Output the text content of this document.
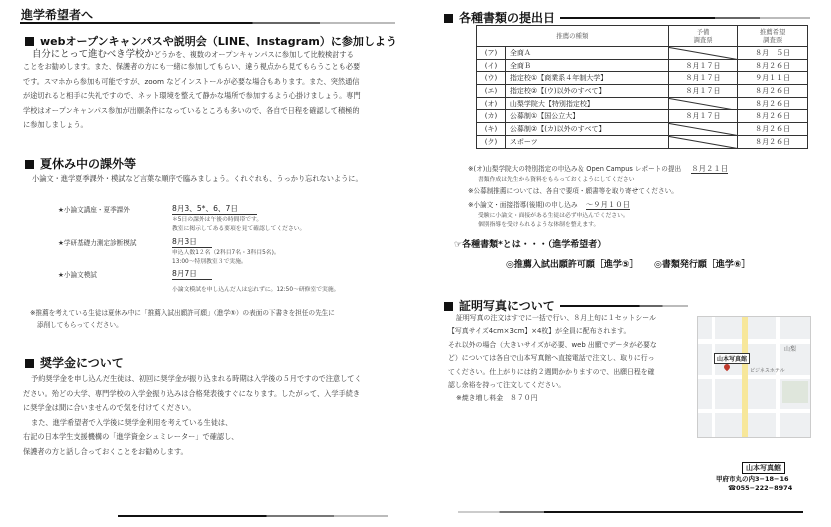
進学希望者へ
webオープンキャンパスや説明会（LINE、Instagram）に参加しよう
自分にとって進むべき学校かどうかを、複数のオープンキャンパスに参加して比較検討する
ことをお勧めします。また、保護者の方にも一緒に参加してもらい、違う視点から見てもらうことも必要
です。スマホから参加も可能ですが、zoom などインストールが必要な場合もあります。また、突然通信
が途切れると相手に失礼ですので、ネット環境を整えて静かな場所で参加するよう心掛けましょう。専門
学校はオープンキャンパス参加が出願条件になっているところも多いので、各自で日程を確認して積極的
に参加しましょう。
夏休み中の課外等
小論文・進学夏季課外・模試など言葉な順序で臨みましょう。くれぐれも、うっかり忘れないように。
★小論文講座・夏季課外	8月3、5*、6、7日
＊5日の課外は午後の時間帯です。
教室に掲示してある要項を見て確認してください。
★学研基礎力測定診断模試	8月3日
申込人数1２名（2科目7名・3科目5名)。
13:00〜特別教室３で実施。
★小論文模試	8月7日
小論文模試を申し込んだ人は忘れずに。12:50〜研修室で実施。
※推薦を考えている生徒は夏休み中に「推薦入試出願許可願」（進学⑤）の表面の下書きを担任の先生に
添削してもらってください。
奨学金について
予約奨学金を申し込んだ生徒は、初回に奨学金が振り込まれる時期は入学後の５月ですので注意してく
ださい。殆どの大学、専門学校の入学金振り込みは合格発表後すぐになります。したがって、入学手続き
に奨学金は間に合いませんので気を付けてください。
また、進学希望者で入学後に奨学金利用を考えている生徒は、
右記の日本学生支援機構の「進学資金シュミレーター」で確認し、
保護者の方と話し合っておくことをお勧めします。
各種書類の提出日
推薦の種類		予備
調査票	推薦希望
調査票
(ア)	全商Ａ		８月　５日
(イ)	全商Ｂ	８月１７日	８月２６日
(ウ)	指定校①【商業系４年制大学】	８月１７日	９月１１日
(エ)	指定校②【(ウ)以外のすべて】	８月１７日	８月２６日
(オ)	山梨学院大【特別指定校】		８月２６日
(カ)	公募制①【国公立大】	８月１７日	８月２６日
(キ)	公募制②【(カ)以外のすべて】		８月２６日
(ク)	スポーツ		８月２６日
※(オ)山梨学院大の特別指定の申込み＆ Open Campus レポートの提出 ８月２１日
書類作成は先生から資料をもらっておくようにしてください
※公募制推薦については、各自で要項・願書等を取り寄せてください。
※小論文・面接指導(後期)の申し込み 〜９月１０日
受験に小論文・面接がある生徒は必ず申込んでください。
個別指導を受けられるような体制を整えます。
☞各種書類*とは・・・（進学希望者）
◎推薦入試出願許可願［進学⑤］ ◎書類発行願［進学⑥］
証明写真について
証明写真の注文はすでに一括で行い、８月上旬に１セットシール
【写真サイズ4cm×3cm】×4枚】が全員に配布されます。
それ以外の場合（大きいサイズが必要、web 出願でデータが必要な
ど）については各自で山本写真館へ直接電話で注文し、取りに行っ
てください。仕上がりには約２週間かかりますので、出願日程を確
認し余裕を持って注文してください。
※焼き増し料金　８７０円
山本写真館
山梨
ビジネスホテル
山本写真館
甲府市丸の内3−18−16
☎055−222−8974
